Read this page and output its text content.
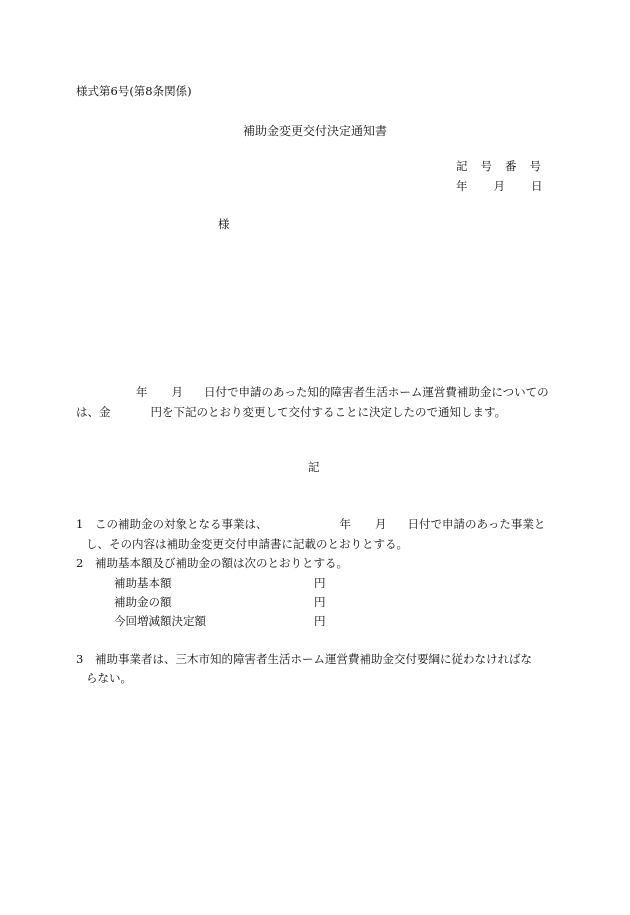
様式第6号(第8条関係)
補助金変更交付決定通知書
記 号 番 号
年 月 日
様
年 月 日付で申請のあった知的障害者生活ホーム運営費補助金についての
は、金	円を下記のとおり変更して交付することに決定したので通知します。
記
1 この補助金の対象となる事業は、	年 月 日付で申請のあった事業と
し、その内容は補助金変更交付申請書に記載のとおりとする。
2 補助基本額及び補助金の額は次のとおりとする。
補助基本額	円
補助金の額	円
今回増減額決定額	円
3 補助事業者は、三木市知的障害者生活ホーム運営費補助金交付要綱に従わなければな
らない。
